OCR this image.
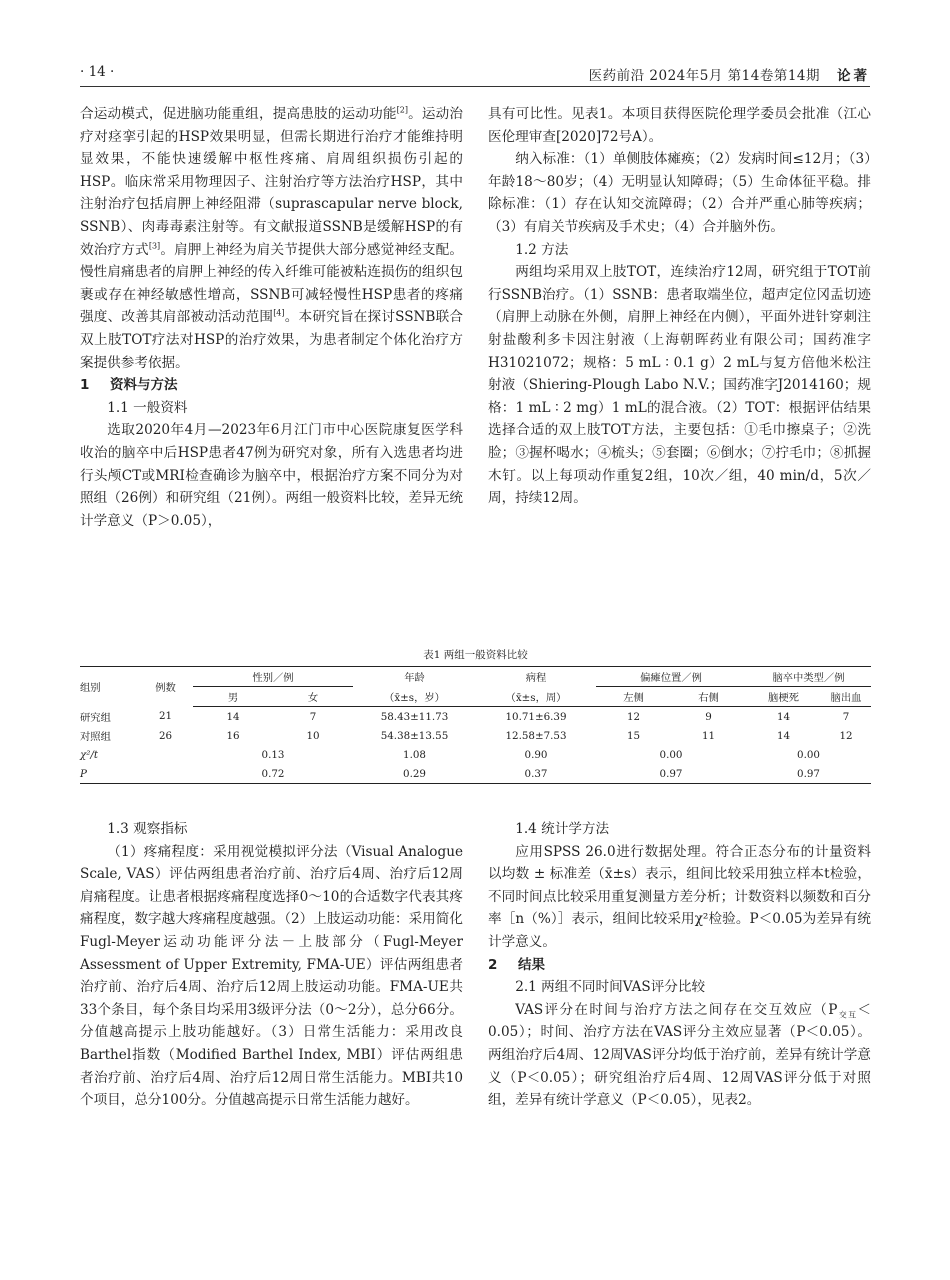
· 14 ·	医药前沿 2024年5月 第14卷第14期 论著

合运动模式，促进脑功能重组，提高患肢的运动功能[2]。运动治疗对痉挛引起的HSP效果明显，但需长期进行治疗才能维持明显效果，不能快速缓解中枢性疼痛、肩周组织损伤引起的HSP。临床常采用物理因子、注射治疗等方法治疗HSP，其中注射治疗包括肩胛上神经阻滞（suprascapular nerve block, SSNB）、肉毒毒素注射等。有文献报道SSNB是缓解HSP的有效治疗方式[3]。肩胛上神经为肩关节提供大部分感觉神经支配。慢性肩痛患者的肩胛上神经的传入纤维可能被粘连损伤的组织包裹或存在神经敏感性增高，SSNB可减轻慢性HSP患者的疼痛强度、改善其肩部被动活动范围[4]。本研究旨在探讨SSNB联合双上肢TOT疗法对HSP的治疗效果，为患者制定个体化治疗方案提供参考依据。

1 资料与方法

1.1 一般资料

选取2020年4月—2023年6月江门市中心医院康复医学科收治的脑卒中后HSP患者47例为研究对象，所有入选患者均进行头颅CT或MRI检查确诊为脑卒中，根据治疗方案不同分为对照组（26例）和研究组（21例）。两组一般资料比较，差异无统计学意义（P＞0.05），

具有可比性。见表1。本项目获得医院伦理学委员会批准（江心医伦理审查[2020]72号A）。

纳入标准：（1）单侧肢体瘫痪；（2）发病时间≤12月；（3）年龄18～80岁；（4）无明显认知障碍；（5）生命体征平稳。排除标准：（1）存在认知交流障碍；（2）合并严重心肺等疾病；（3）有肩关节疾病及手术史；（4）合并脑外伤。

1.2 方法

两组均采用双上肢TOT，连续治疗12周，研究组于TOT前行SSNB治疗。（1）SSNB：患者取端坐位，超声定位冈盂切迹（肩胛上动脉在外侧，肩胛上神经在内侧），平面外进针穿刺注射盐酸利多卡因注射液（上海朝晖药业有限公司；国药准字H31021072；规格：5 mL ∶ 0.1 g）2 mL与复方倍他米松注射液（Shiering-Plough Labo N.V.；国药准字J2014160；规格：1 mL ∶ 2 mg）1 mL的混合液。（2）TOT：根据评估结果选择合适的双上肢TOT方法，主要包括：①毛巾擦桌子；②洗脸；③握杯喝水；④梳头；⑤套圈；⑥倒水；⑦拧毛巾；⑧抓握木钉。以上每项动作重复2组，10次／组，40 min/d，5次／周，持续12周。

表1 两组一般资料比较
组别	例数	性别／例		年龄	病程	偏瘫位置／例		脑卒中类型／例	
		男	女	（x̄±s，岁）	（x̄±s，周）	左侧	右侧	脑梗死	脑出血
研究组	21	14	7	58.43±11.73	10.71±6.39	12	9	14	7
对照组	26	16	10	54.38±13.55	12.58±7.53	15	11	14	12
χ²/t		0.13		1.08	0.90	0.00		0.00	
P		0.72		0.29	0.37	0.97		0.97	

1.3 观察指标

（1）疼痛程度：采用视觉模拟评分法（Visual Analogue Scale, VAS）评估两组患者治疗前、治疗后4周、治疗后12周肩痛程度。让患者根据疼痛程度选择0～10的合适数字代表其疼痛程度，数字越大疼痛程度越强。（2）上肢运动功能：采用简化Fugl-Meyer运动功能评分法－上肢部分（Fugl-Meyer Assessment of Upper Extremity, FMA-UE）评估两组患者治疗前、治疗后4周、治疗后12周上肢运动功能。FMA-UE共33个条目，每个条目均采用3级评分法（0～2分），总分66分。分值越高提示上肢功能越好。（3）日常生活能力：采用改良Barthel指数（Modified Barthel Index, MBI）评估两组患者治疗前、治疗后4周、治疗后12周日常生活能力。MBI共10个项目，总分100分。分值越高提示日常生活能力越好。

1.4 统计学方法

应用SPSS 26.0进行数据处理。符合正态分布的计量资料以均数 ± 标准差（x̄±s）表示，组间比较采用独立样本t检验，不同时间点比较采用重复测量方差分析；计数资料以频数和百分率［n（%）］表示，组间比较采用χ²检验。P＜0.05为差异有统计学意义。

2 结果

2.1 两组不同时间VAS评分比较

VAS评分在时间与治疗方法之间存在交互效应$(P_{交互}<0.05)$；时间、治疗方法在VAS评分主效应显著（P＜0.05）。两组治疗后4周、12周VAS评分均低于治疗前，差异有统计学意义（P＜0.05）；研究组治疗后4周、12周VAS评分低于对照组，差异有统计学意义（P＜0.05），见表2。
